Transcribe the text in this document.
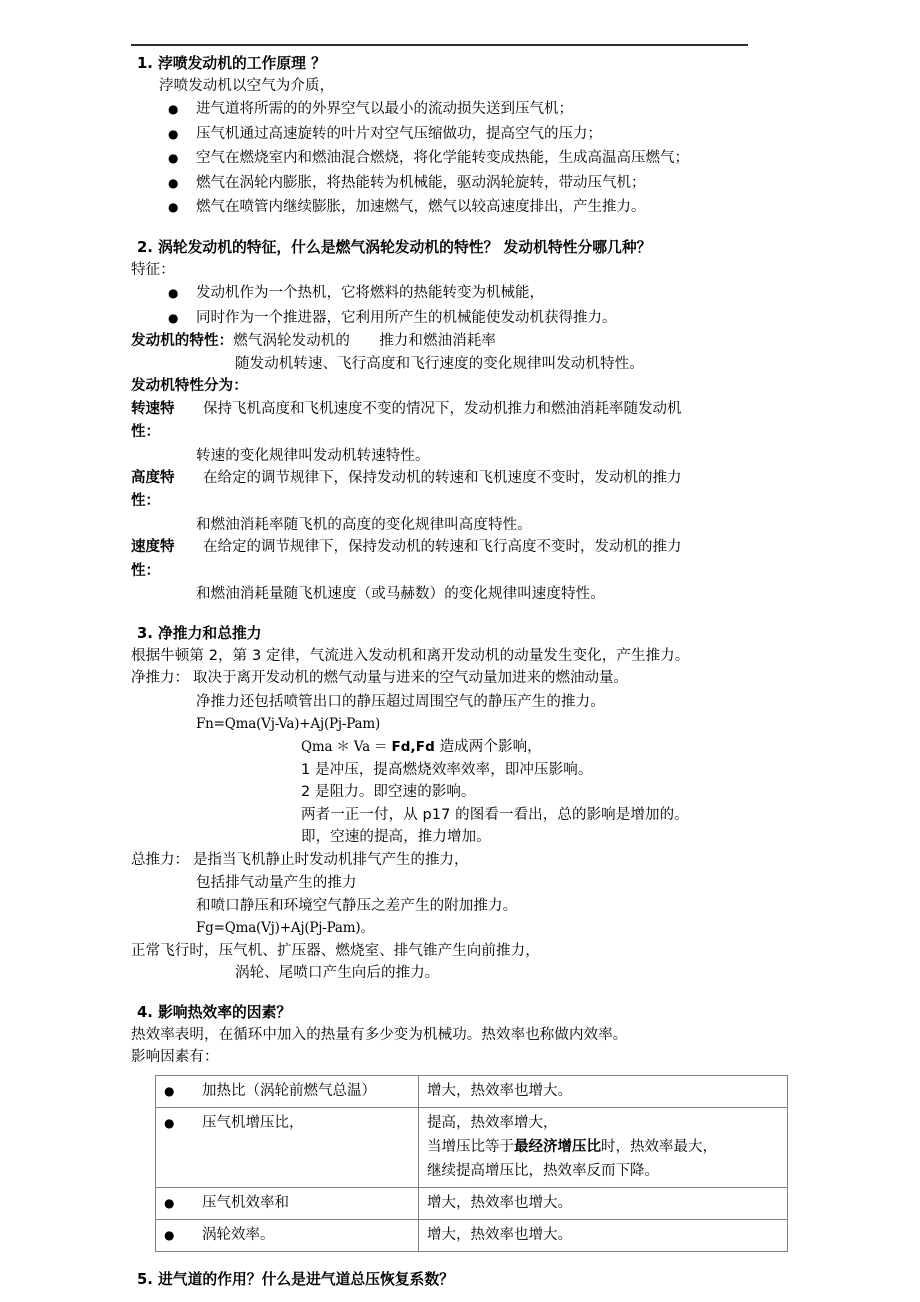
1. 浡喷发动机的工作原理 ？
浡喷发动机以空气为介质，
●	进气道将所需的的外界空气以最小的流动损失送到压气机；
●	压气机通过高速旋转的叶片对空气压缩做功，提高空气的压力；
●	空气在燃烧室内和燃油混合燃烧，将化学能转变成热能，生成高温高压燃气；
●	燃气在涡轮内膨胀，将热能转为机械能，驱动涡轮旋转，带动压气机；
●	燃气在喷管内继续膨胀，加速燃气，燃气以较高速度排出，产生推力。
2. 涡轮发动机的特征，什么是燃气涡轮发动机的特性？ 发动机特性分哪几种？
特征：
●	发动机作为一个热机，它将燃料的热能转变为机械能，
●	同时作为一个推进器，它利用所产生的机械能使发动机获得推力。
发动机的特性：燃气涡轮发动机的　　推力和燃油消耗率
随发动机转速、飞行高度和飞行速度的变化规律叫发动机特性。
发动机特性分为：
转速特性：
保持飞机高度和飞机速度不变的情况下，发动机推力和燃油消耗率随发动机
转速的变化规律叫发动机转速特性。
高度特性：
在给定的调节规律下，保持发动机的转速和飞机速度不变时，发动机的推力
和燃油消耗率随飞机的高度的变化规律叫高度特性。
速度特性：
在给定的调节规律下，保持发动机的转速和飞行高度不变时，发动机的推力
和燃油消耗量随飞机速度（或马赫数）的变化规律叫速度特性。
3. 净推力和总推力
根据牛顿第 2，第 3 定律，气流进入发动机和离开发动机的动量发生变化，产生推力。
净推力： 取决于离开发动机的燃气动量与进来的空气动量加进来的燃油动量。
净推力还包括喷管出口的静压超过周围空气的静压产生的推力。
Fn=Qma(Vj-Va)+Aj(Pj-Pam)
Qma ＊ Va ＝ Fd,Fd 造成两个影响，
1 是冲压，提高燃烧效率效率，即冲压影响。
2 是阻力。即空速的影响。
两者一正一付，从 p17 的图看一看出，总的影响是增加的。
即，空速的提高，推力增加。
总推力： 是指当飞机静止时发动机排气产生的推力，
包括排气动量产生的推力
和喷口静压和环境空气静压之差产生的附加推力。
Fg=Qma(Vj)+Aj(Pj-Pam)。
正常飞行时，压气机、扩压器、燃烧室、排气锥产生向前推力，
涡轮、尾喷口产生向后的推力。
4. 影响热效率的因素？
热效率表明，在循环中加入的热量有多少变为机械功。热效率也称做内效率。
影响因素有：
● 加热比（涡轮前燃气总温）	增大，热效率也增大。

● 压气机增压比，	提高，热效率增大，
当增压比等于最经济增压比时，热效率最大，
继续提高增压比，热效率反而下降。

● 压气机效率和	增大，热效率也增大。

● 涡轮效率。	增大，热效率也增大。
5. 进气道的作用？什么是进气道总压恢复系数？
